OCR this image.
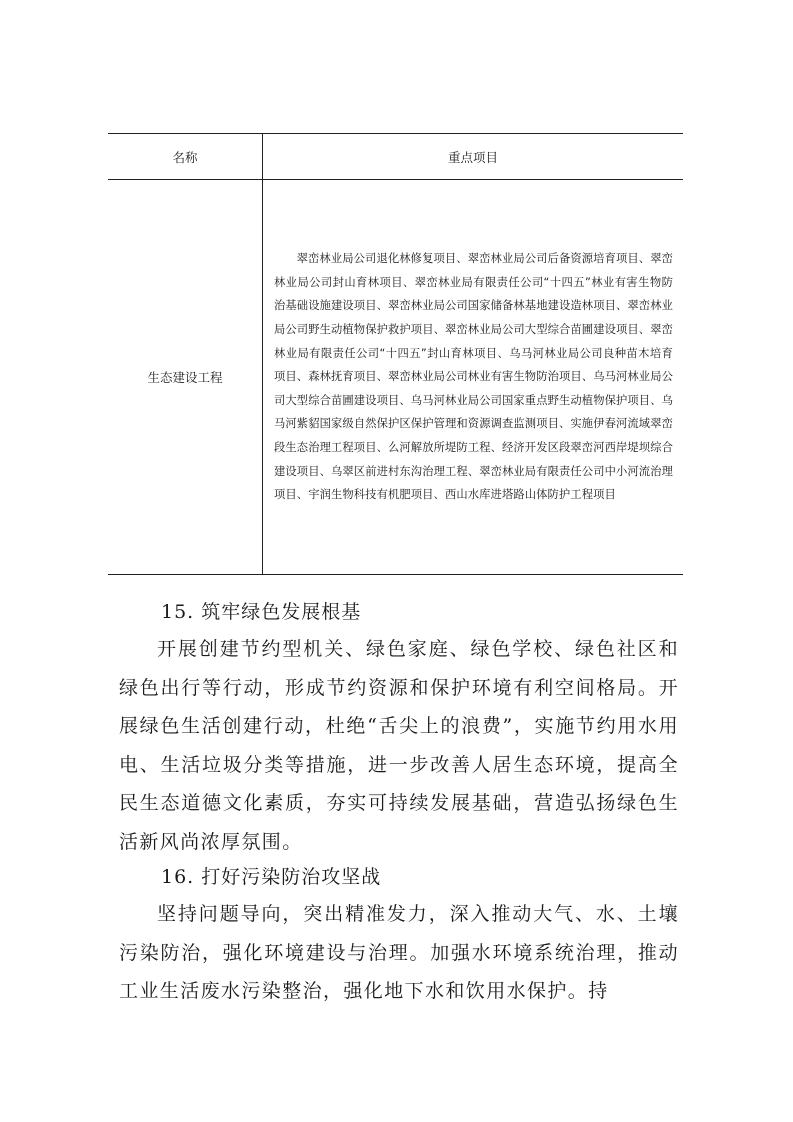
名称	重点项目
生态建设工程
翠峦林业局公司退化林修复项目、翠峦林业局公司后备资源培育项目、翠峦林业局公司封山育林项目、翠峦林业局有限责任公司“十四五”林业有害生物防治基础设施建设项目、翠峦林业局公司国家储备林基地建设造林项目、翠峦林业局公司野生动植物保护救护项目、翠峦林业局公司大型综合苗圃建设项目、翠峦林业局有限责任公司“十四五”封山育林项目、乌马河林业局公司良种苗木培育项目、森林抚育项目、翠峦林业局公司林业有害生物防治项目、乌马河林业局公司大型综合苗圃建设项目、乌马河林业局公司国家重点野生动植物保护项目、乌马河紫貂国家级自然保护区保护管理和资源调查监测项目、实施伊春河流域翠峦段生态治理工程项目、么河解放所堤防工程、经济开发区段翠峦河西岸堤坝综合建设项目、乌翠区前进村东沟治理工程、翠峦林业局有限责任公司中小河流治理项目、宇润生物科技有机肥项目、西山水库进塔路山体防护工程项目
15. 筑牢绿色发展根基
开展创建节约型机关、绿色家庭、绿色学校、绿色社区和绿色出行等行动，形成节约资源和保护环境有利空间格局。开展绿色生活创建行动，杜绝“舌尖上的浪费”，实施节约用水用电、生活垃圾分类等措施，进一步改善人居生态环境，提高全民生态道德文化素质，夯实可持续发展基础，营造弘扬绿色生活新风尚浓厚氛围。
16. 打好污染防治攻坚战
坚持问题导向，突出精准发力，深入推动大气、水、土壤污染防治，强化环境建设与治理。加强水环境系统治理，推动工业生活废水污染整治，强化地下水和饮用水保护。持
